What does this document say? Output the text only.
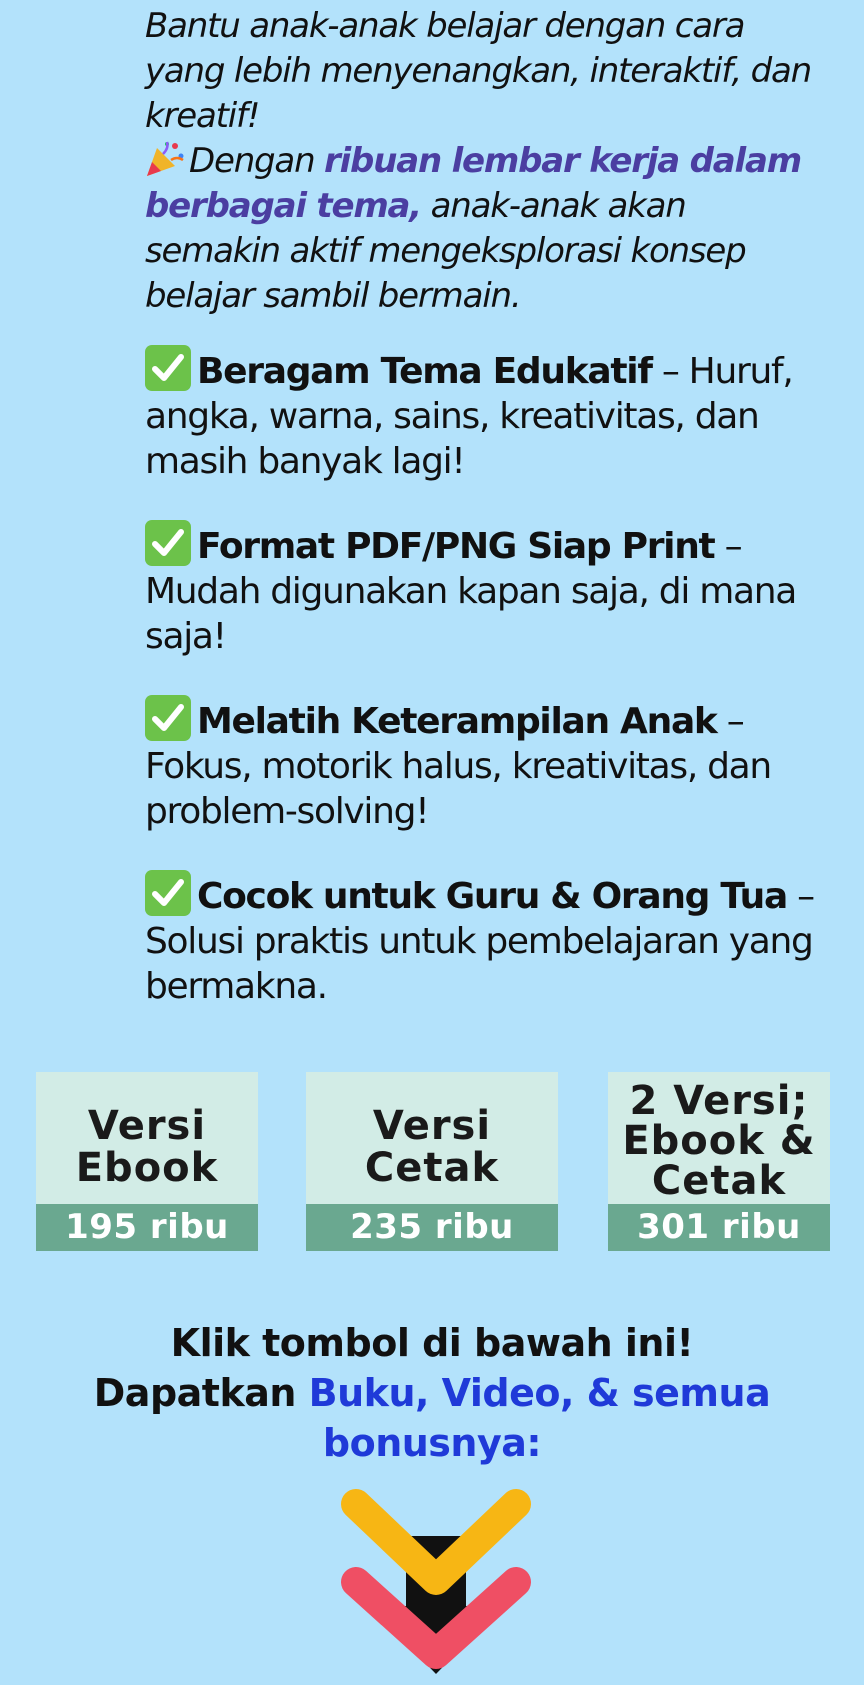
Bantu anak-anak belajar dengan cara yang lebih menyenangkan, interaktif, dan kreatif!
Dengan ribuan lembar kerja dalam berbagai tema, anak-anak akan semakin aktif mengeksplorasi konsep belajar sambil bermain.
Beragam Tema Edukatif – Huruf, angka, warna, sains, kreativitas, dan masih banyak lagi!
Format PDF/PNG Siap Print – Mudah digunakan kapan saja, di mana saja!
Melatih Keterampilan Anak – Fokus, motorik halus, kreativitas, dan problem-solving!
Cocok untuk Guru & Orang Tua – Solusi praktis untuk pembelajaran yang bermakna.
Versi
Ebook
195 ribu
Versi
Cetak
235 ribu
2 Versi;
Ebook &
Cetak
301 ribu
Klik tombol di bawah ini!
Dapatkan Buku, Video, & semua bonusnya:
